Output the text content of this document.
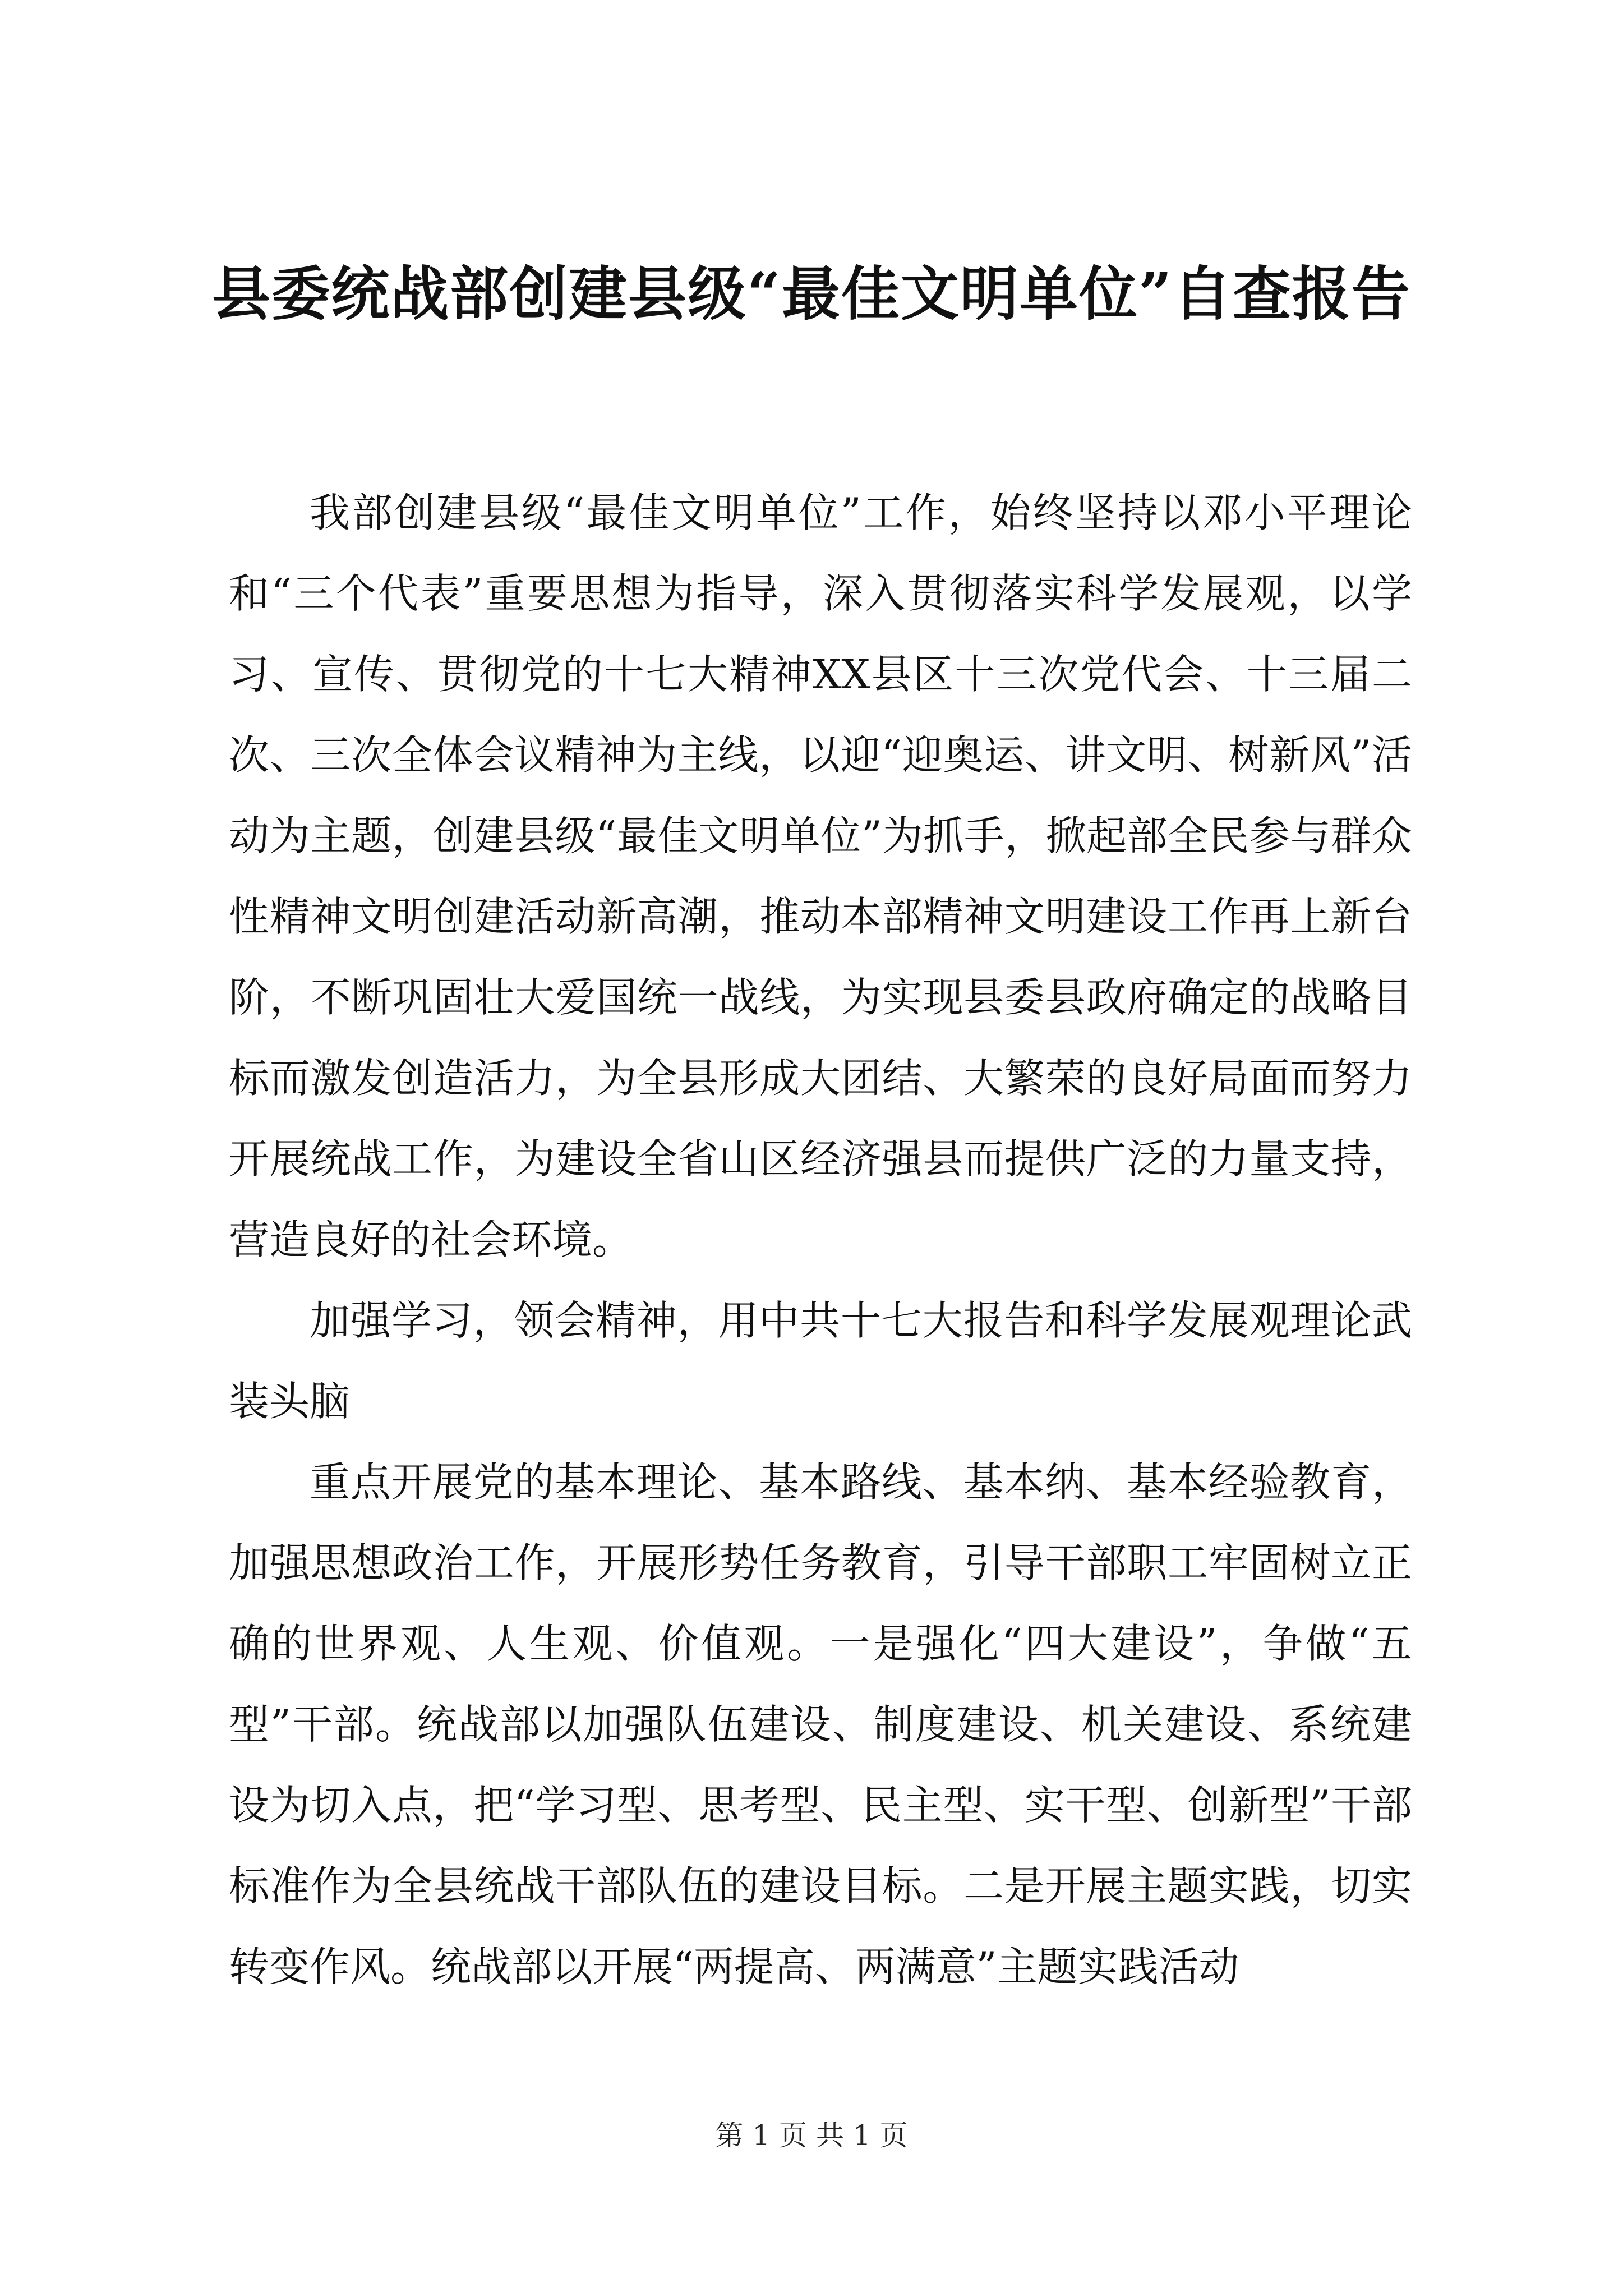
县委统战部创建县级“最佳文明单位”自查报告

我部创建县级“最佳文明单位”工作，始终坚持以邓小平理论和“三个代表”重要思想为指导，深入贯彻落实科学发展观，以学习、宣传、贯彻党的十七大精神XX县区十三次党代会、十三届二次、三次全体会议精神为主线，以迎“迎奥运、讲文明、树新风”活动为主题，创建县级“最佳文明单位”为抓手，掀起部全民参与群众性精神文明创建活动新高潮，推动本部精神文明建设工作再上新台阶，不断巩固壮大爱国统一战线，为实现县委县政府确定的战略目标而激发创造活力，为全县形成大团结、大繁荣的良好局面而努力开展统战工作，为建设全省山区经济强县而提供广泛的力量支持，营造良好的社会环境。

加强学习，领会精神，用中共十七大报告和科学发展观理论武装头脑

重点开展党的基本理论、基本路线、基本纳、基本经验教育，加强思想政治工作，开展形势任务教育，引导干部职工牢固树立正确的世界观、人生观、价值观。一是强化“四大建设”，争做“五型”干部。统战部以加强队伍建设、制度建设、机关建设、系统建设为切入点，把“学习型、思考型、民主型、实干型、创新型”干部标准作为全县统战干部队伍的建设目标。二是开展主题实践，切实转变作风。统战部以开展“两提高、两满意”主题实践活动

第 1 页 共 1 页
